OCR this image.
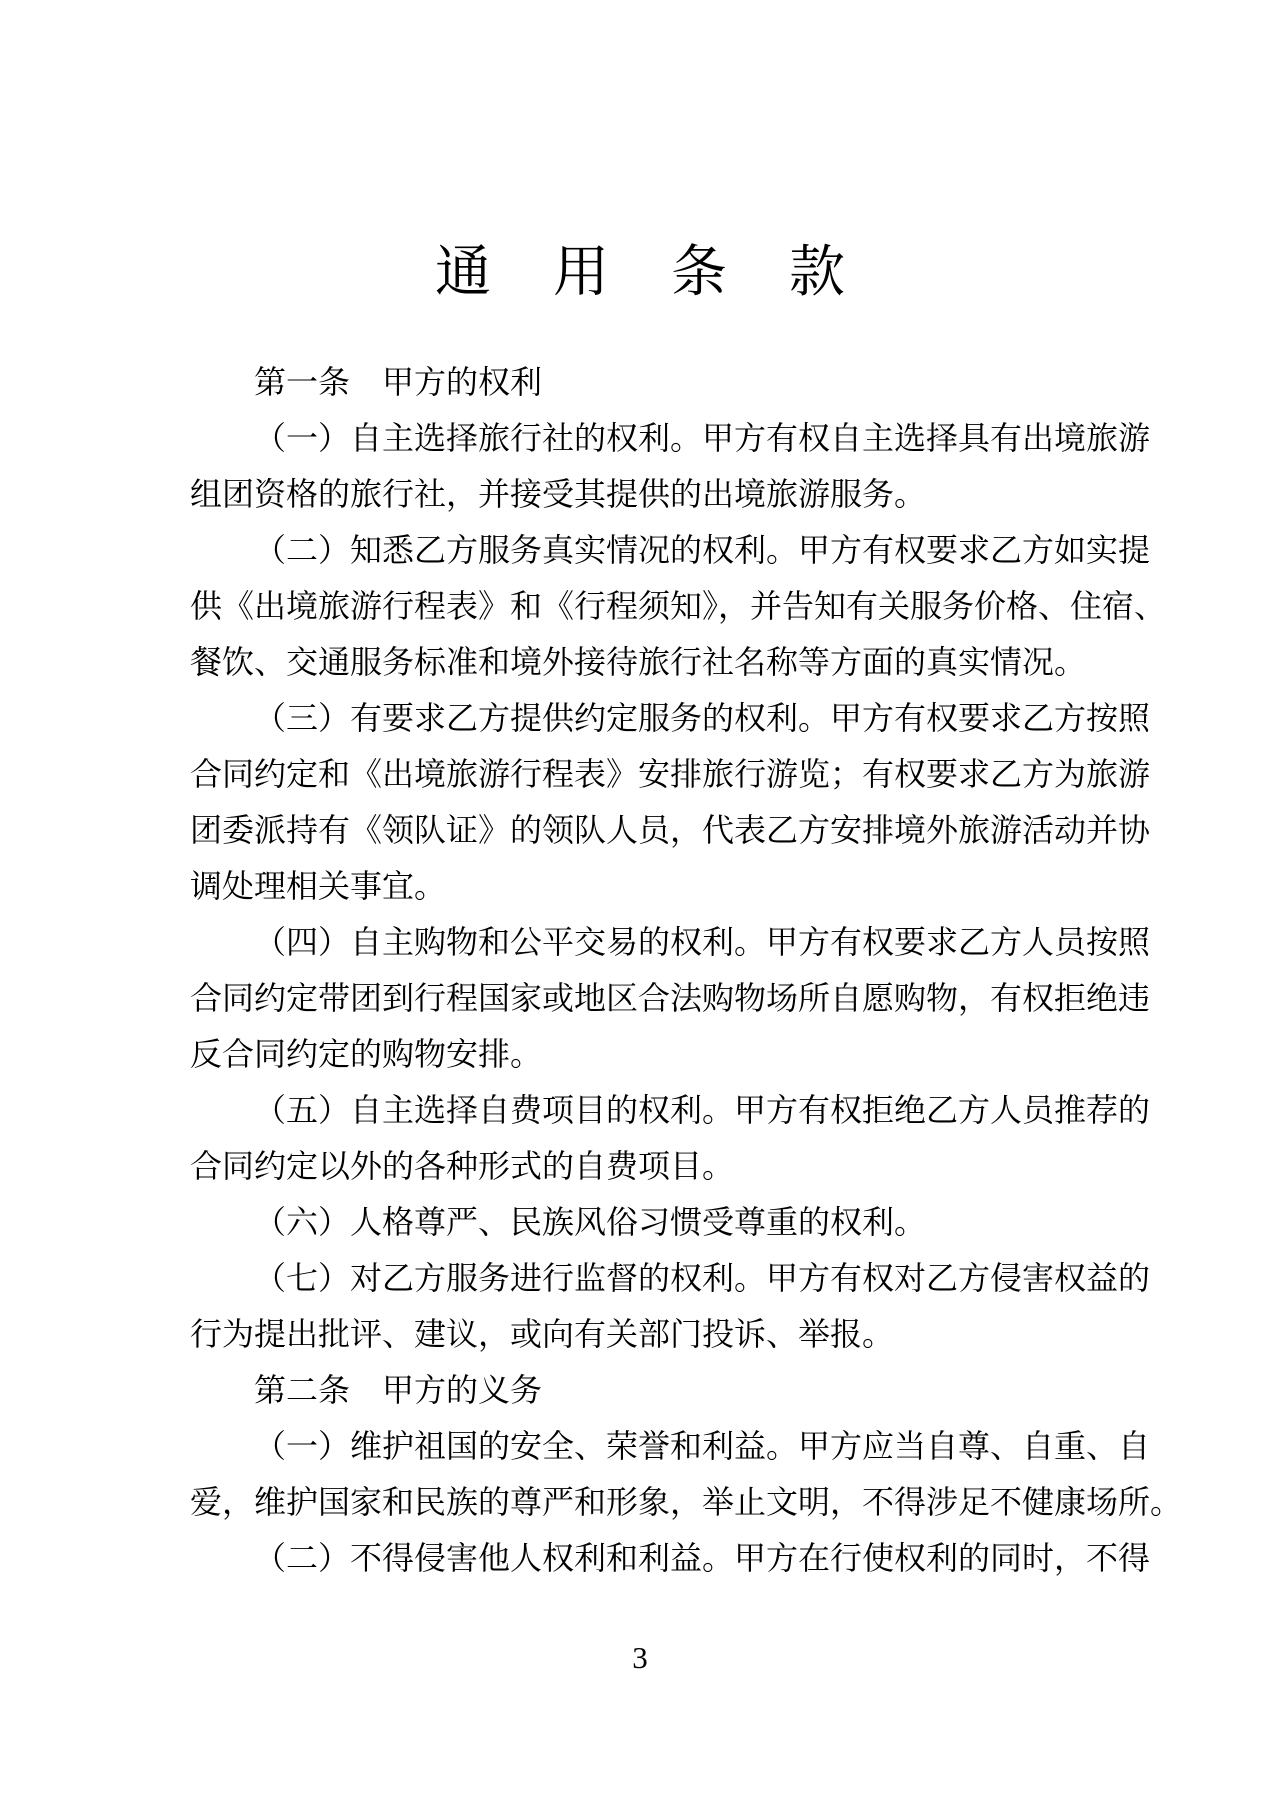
通用条款
第一条　甲方的权利
（一）自主选择旅行社的权利。甲方有权自主选择具有出境旅游
组团资格的旅行社，并接受其提供的出境旅游服务。
（二）知悉乙方服务真实情况的权利。甲方有权要求乙方如实提
供《出境旅游行程表》和《行程须知》，并告知有关服务价格、住宿、
餐饮、交通服务标准和境外接待旅行社名称等方面的真实情况。
（三）有要求乙方提供约定服务的权利。甲方有权要求乙方按照
合同约定和《出境旅游行程表》安排旅行游览；有权要求乙方为旅游
团委派持有《领队证》的领队人员，代表乙方安排境外旅游活动并协
调处理相关事宜。
（四）自主购物和公平交易的权利。甲方有权要求乙方人员按照
合同约定带团到行程国家或地区合法购物场所自愿购物，有权拒绝违
反合同约定的购物安排。
（五）自主选择自费项目的权利。甲方有权拒绝乙方人员推荐的
合同约定以外的各种形式的自费项目。
（六）人格尊严、民族风俗习惯受尊重的权利。
（七）对乙方服务进行监督的权利。甲方有权对乙方侵害权益的
行为提出批评、建议，或向有关部门投诉、举报。
第二条　甲方的义务
（一）维护祖国的安全、荣誉和利益。甲方应当自尊、自重、自
爱，维护国家和民族的尊严和形象，举止文明，不得涉足不健康场所。
（二）不得侵害他人权利和利益。甲方在行使权利的同时，不得
3
